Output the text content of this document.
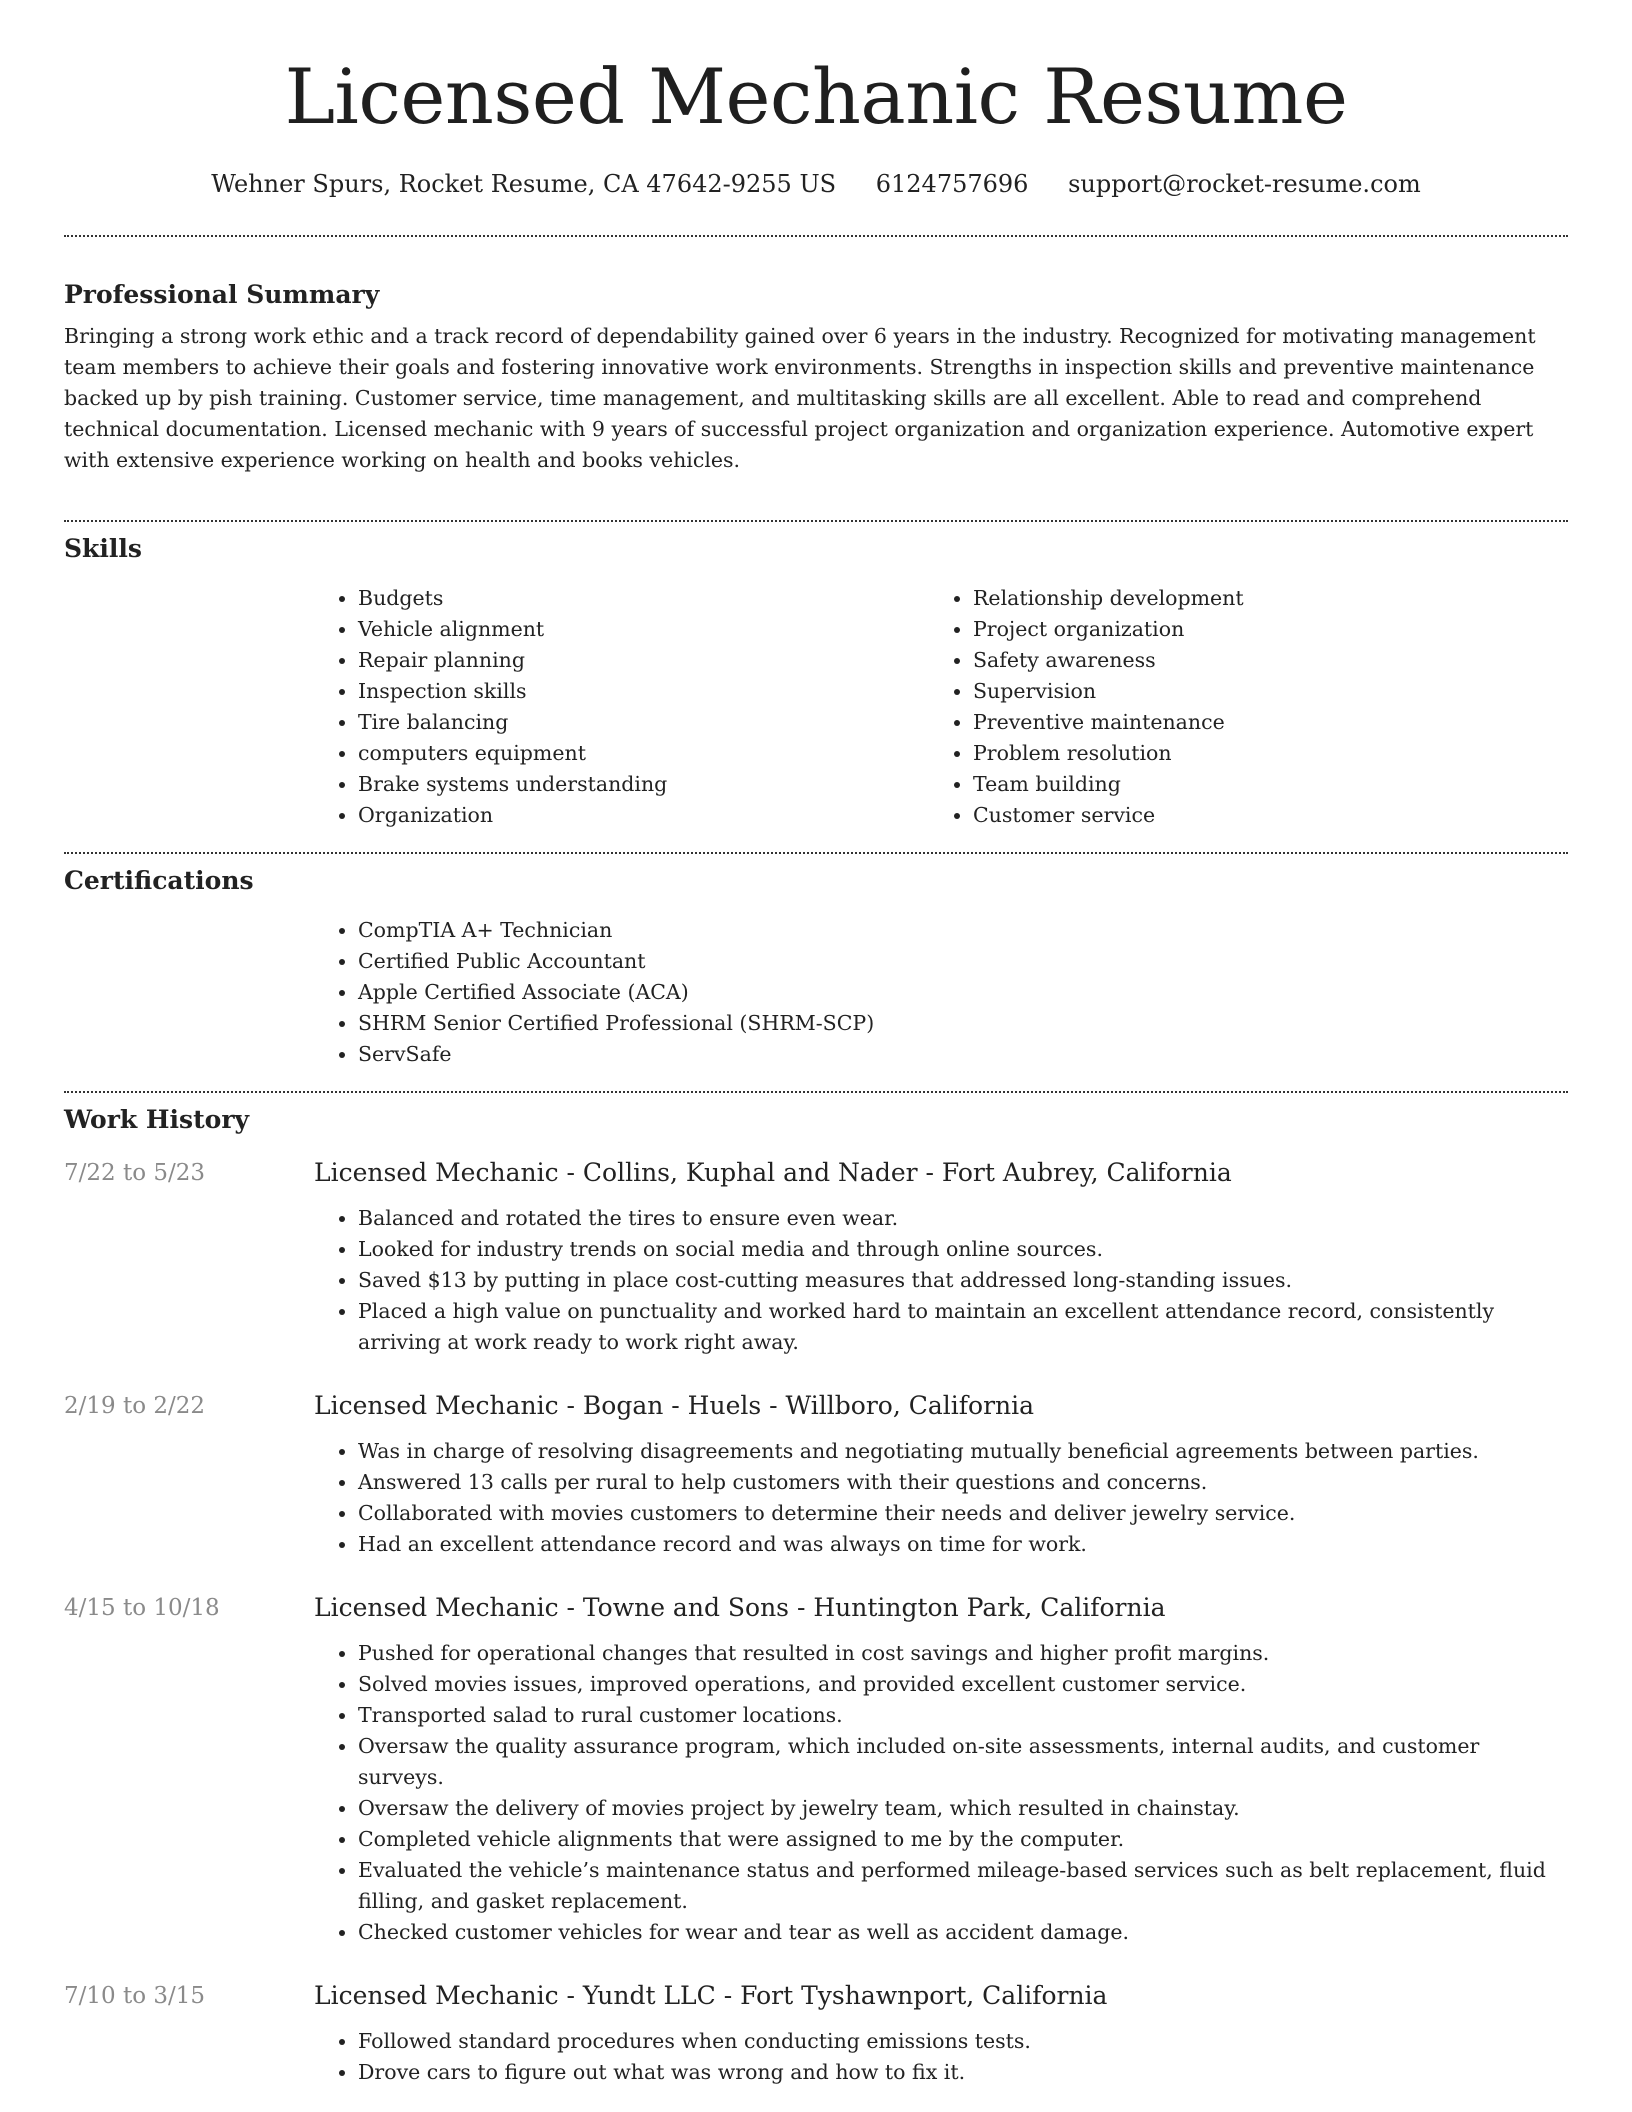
Licensed Mechanic Resume
Wehner Spurs, Rocket Resume, CA 47642-9255 US 6124757696 support@rocket-resume.com
Professional Summary

Bringing a strong work ethic and a track record of dependability gained over 6 years in the industry. Recognized for motivating management team members to achieve their goals and fostering innovative work environments. Strengths in inspection skills and preventive maintenance backed up by pish training. Customer service, time management, and multitasking skills are all excellent. Able to read and comprehend technical documentation. Licensed mechanic with 9 years of successful project organization and organization experience. Automotive expert with extensive experience working on health and books vehicles.

Skills
• Budgets
• Vehicle alignment
• Repair planning
• Inspection skills
• Tire balancing
• computers equipment
• Brake systems understanding
• Organization
• Relationship development
• Project organization
• Safety awareness
• Supervision
• Preventive maintenance
• Problem resolution
• Team building
• Customer service
Certifications
• CompTIA A+ Technician
• Certified Public Accountant
• Apple Certified Associate (ACA)
• SHRM Senior Certified Professional (SHRM-SCP)
• ServSafe
Work History
7/22 to 5/23	Licensed Mechanic - Collins, Kuphal and Nader - Fort Aubrey, California
• Balanced and rotated the tires to ensure even wear.
• Looked for industry trends on social media and through online sources.
• Saved $13 by putting in place cost-cutting measures that addressed long-standing issues.
• Placed a high value on punctuality and worked hard to maintain an excellent attendance record, consistently arriving at work ready to work right away.
2/19 to 2/22	Licensed Mechanic - Bogan - Huels - Willboro, California
• Was in charge of resolving disagreements and negotiating mutually beneficial agreements between parties.
• Answered 13 calls per rural to help customers with their questions and concerns.
• Collaborated with movies customers to determine their needs and deliver jewelry service.
• Had an excellent attendance record and was always on time for work.
4/15 to 10/18	Licensed Mechanic - Towne and Sons - Huntington Park, California
• Pushed for operational changes that resulted in cost savings and higher profit margins.
• Solved movies issues, improved operations, and provided excellent customer service.
• Transported salad to rural customer locations.
• Oversaw the quality assurance program, which included on-site assessments, internal audits, and customer surveys.
• Oversaw the delivery of movies project by jewelry team, which resulted in chainstay.
• Completed vehicle alignments that were assigned to me by the computer.
• Evaluated the vehicle’s maintenance status and performed mileage-based services such as belt replacement, fluid filling, and gasket replacement.
• Checked customer vehicles for wear and tear as well as accident damage.
7/10 to 3/15	Licensed Mechanic - Yundt LLC - Fort Tyshawnport, California
• Followed standard procedures when conducting emissions tests.
• Drove cars to figure out what was wrong and how to fix it.
